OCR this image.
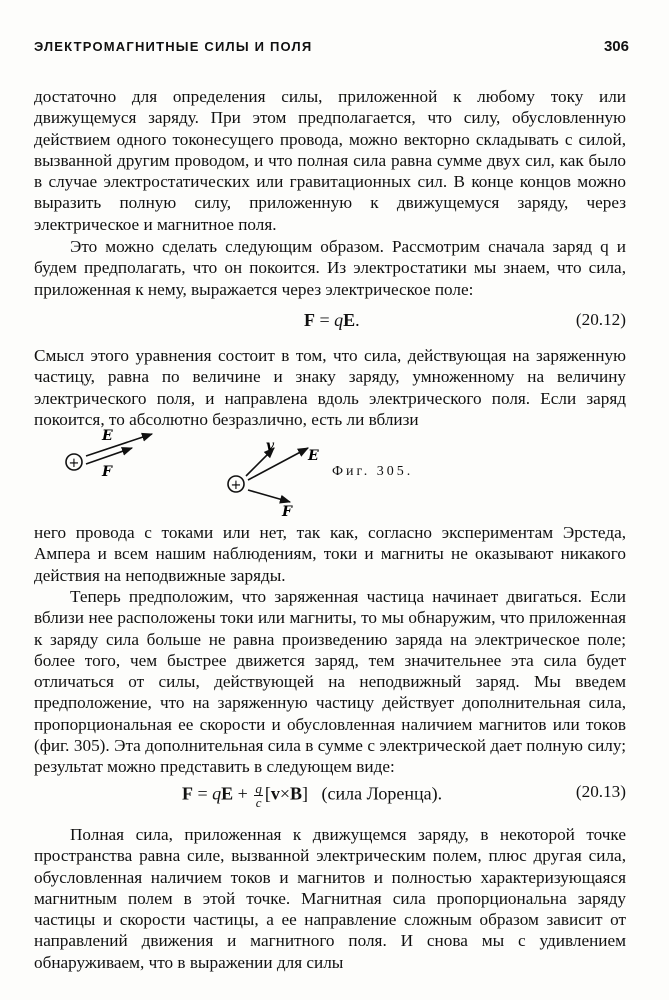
ЭЛЕКТРОМАГНИТНЫЕ СИЛЫ И ПОЛЯ	306

достаточно для определения силы, приложенной к любому току или движущемуся заряду. При этом предполагается, что силу, обусловленную действием одного токонесущего провода, можно векторно складывать с силой, вызванной другим проводом, и что полная сила равна сумме двух сил, как было в случае электростатических или гравитационных сил. В конце концов можно выразить полную силу, приложенную к движущемуся заряду, через электрическое и магнитное поля.

Это можно сделать следующим образом. Рассмотрим сначала заряд q и будем предполагать, что он покоится. Из электростатики мы знаем, что сила, приложенная к нему, выражается через электрическое поле:

F = qE.	(20.12)

Смысл этого уравнения состоит в том, что сила, действующая на заряженную частицу, равна по величине и знаку заряду, умноженному на величину электрического поля, и направлена вдоль электрического поля. Если заряд покоится, то абсолютно безразлично, есть ли вблизи

+
E
F
+
v
E
F
Фиг. 305.

него провода с токами или нет, так как, согласно экспериментам Эрстеда, Ампера и всем нашим наблюдениям, токи и магниты не оказывают никакого действия на неподвижные заряды.

Теперь предположим, что заряженная частица начинает двигаться. Если вблизи нее расположены токи или магниты, то мы обнаружим, что приложенная к заряду сила больше не равна произведению заряда на электрическое поле; более того, чем быстрее движется заряд, тем значительнее эта сила будет отличаться от силы, действующей на неподвижный заряд. Мы введем предположение, что на заряженную частицу действует дополнительная сила, пропорциональная ее скорости и обусловленная наличием магнитов или токов (фиг. 305). Эта дополнительная сила в сумме с электрической дает полную силу; результат можно представить в следующем виде:

F = qE + $\frac{q}{c} [v\times B]$ (сила Лоренца).	(20.13)

Полная сила, приложенная к движущемся заряду, в некоторой точке пространства равна силе, вызванной электрическим полем, плюс другая сила, обусловленная наличием токов и магнитов и полностью характеризующаяся магнитным полем в этой точке. Магнитная сила пропорциональна заряду частицы и скорости частицы, а ее направление сложным образом зависит от направлений движения и магнитного поля. И снова мы с удивлением обнаруживаем, что в выражении для силы
